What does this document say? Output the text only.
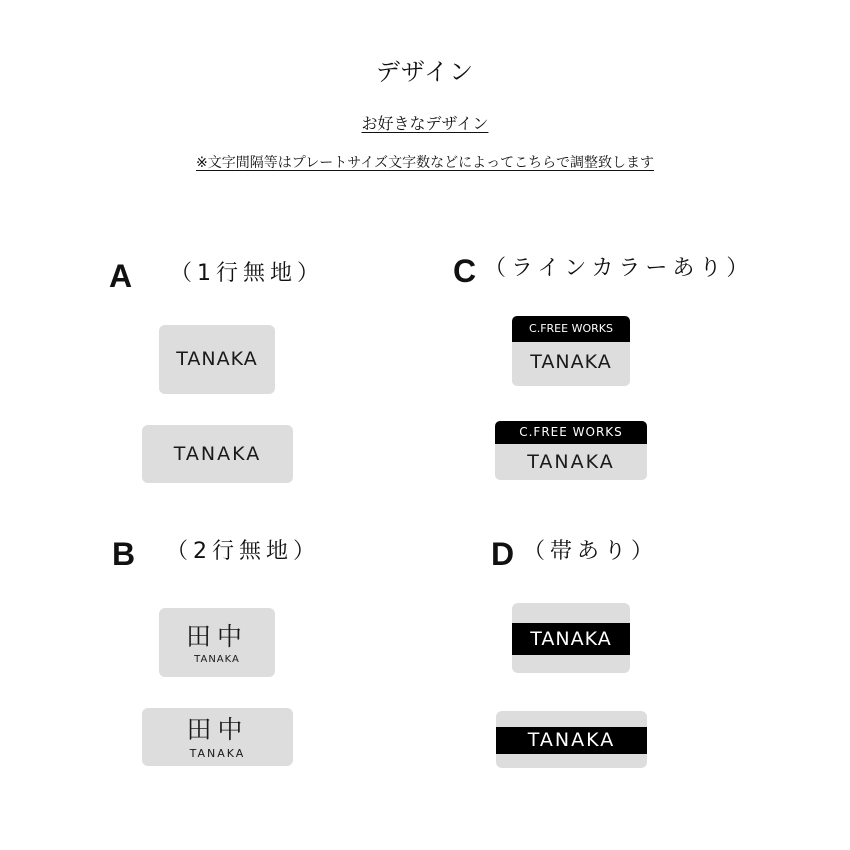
デザイン
お好きなデザイン
※文字間隔等はプレートサイズ文字数などによってこちらで調整致します
A （1行無地）
TANAKA
TANAKA
B （2行無地）
田中
TANAKA
田中
TANAKA
C （ラインカラーあり）
C.FREE WORKS
TANAKA
C.FREE WORKS
TANAKA
D （帯あり）
TANAKA
TANAKA
